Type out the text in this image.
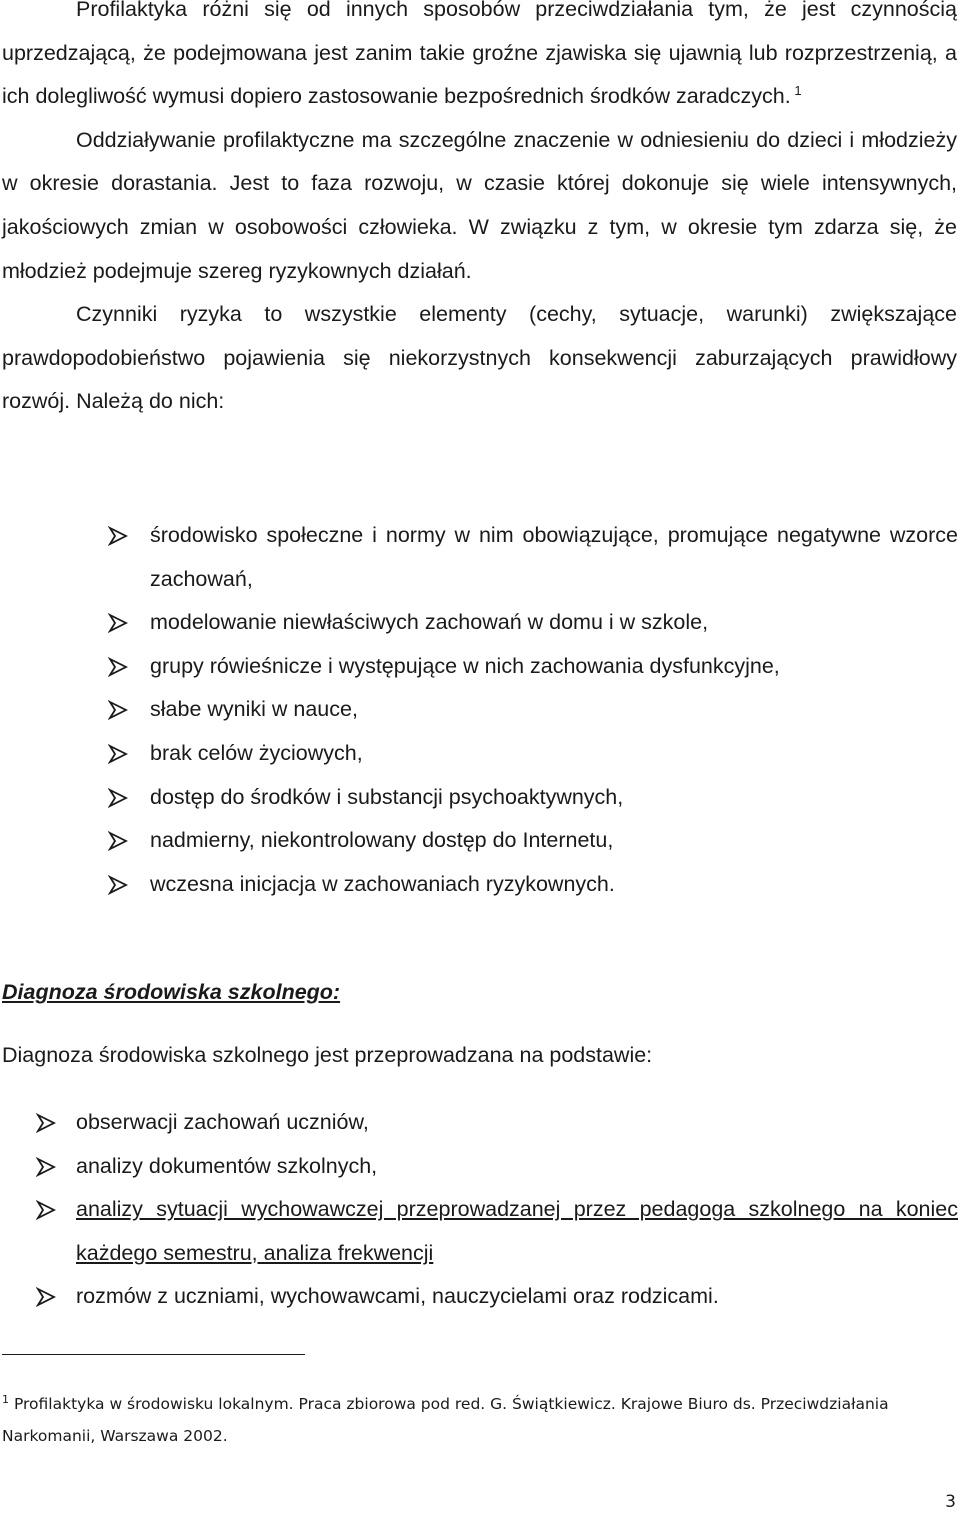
Profilaktyka różni się od innych sposobów przeciwdziałania tym, że jest czynnością uprzedzającą, że podejmowana jest zanim takie groźne zjawiska się ujawnią lub rozprzestrzenią, a ich dolegliwość wymusi dopiero zastosowanie bezpośrednich środków zaradczych. $^1$

Oddziaływanie profilaktyczne ma szczególne znaczenie w odniesieniu do dzieci i młodzieży w okresie dorastania. Jest to faza rozwoju, w czasie której dokonuje się wiele intensywnych, jakościowych zmian w osobowości człowieka. W związku z tym, w okresie tym zdarza się, że młodzież podejmuje szereg ryzykownych działań.

Czynniki ryzyka to wszystkie elementy (cechy, sytuacje, warunki) zwiększające prawdopodobieństwo pojawienia się niekorzystnych konsekwencji zaburzających prawidłowy rozwój. Należą do nich:

środowisko społeczne i normy w nim obowiązujące, promujące negatywne wzorce zachowań,
modelowanie niewłaściwych zachowań w domu i w szkole,
grupy rówieśnicze i występujące w nich zachowania dysfunkcyjne,
słabe wyniki w nauce,
brak celów życiowych,
dostęp do środków i substancji psychoaktywnych,
nadmierny, niekontrolowany dostęp do Internetu,
wczesna inicjacja w zachowaniach ryzykownych.
Diagnoza środowiska szkolnego:

Diagnoza środowiska szkolnego jest przeprowadzana na podstawie:

obserwacji zachowań uczniów,
analizy dokumentów szkolnych,
analizy sytuacji wychowawczej przeprowadzanej przez pedagoga szkolnego na koniec każdego semestru, analiza frekwencji
rozmów z uczniami, wychowawcami, nauczycielami oraz rodzicami.

$^1$ Profilaktyka w środowisku lokalnym. Praca zbiorowa pod red. G. Świątkiewicz. Krajowe Biuro ds. Przeciwdziałania Narkomanii, Warszawa 2002.

3
